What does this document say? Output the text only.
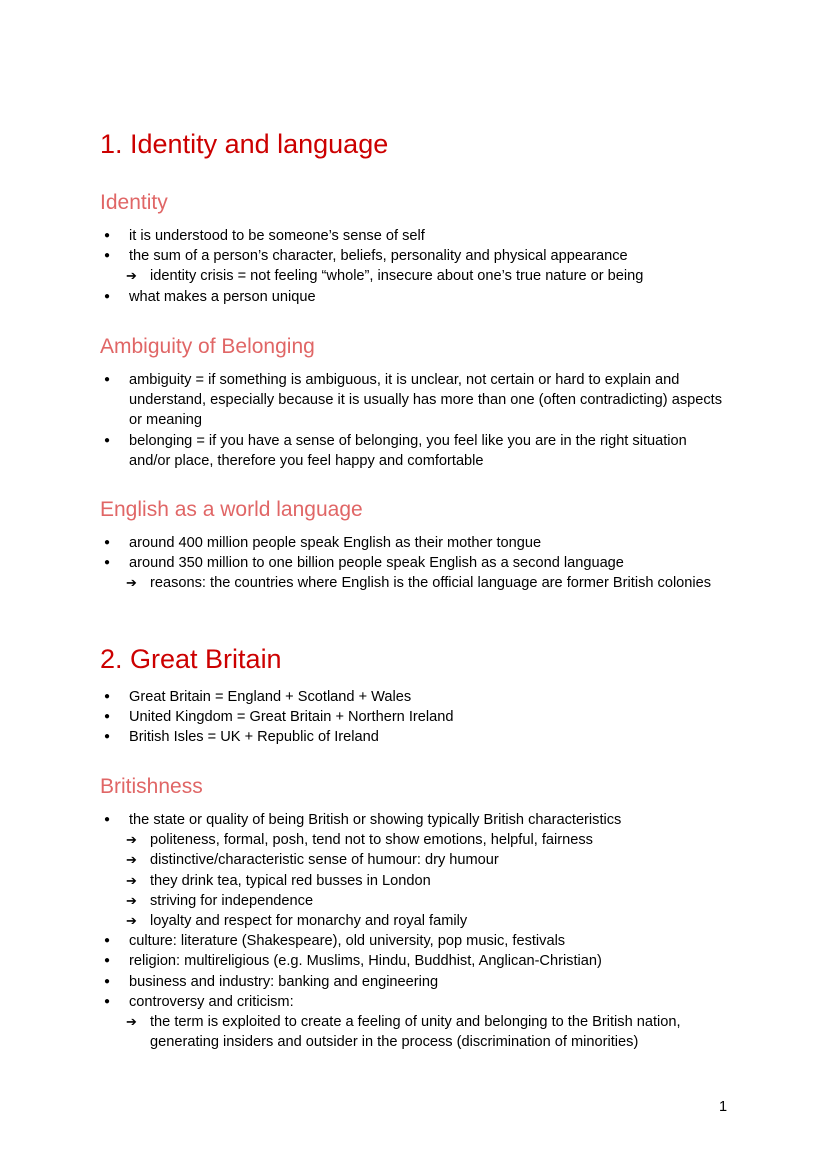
1. Identity and language
Identity
● it is understood to be someone’s sense of self
● the sum of a person’s character, beliefs, personality and physical appearance
➔ identity crisis = not feeling “whole”, insecure about one’s true nature or being
● what makes a person unique
Ambiguity of Belonging
● ambiguity = if something is ambiguous, it is unclear, not certain or hard to explain and understand, especially because it is usually has more than one (often contradicting) aspects or meaning
● belonging = if you have a sense of belonging, you feel like you are in the right situation and/or place, therefore you feel happy and comfortable
English as a world language
● around 400 million people speak English as their mother tongue
● around 350 million to one billion people speak English as a second language
➔ reasons: the countries where English is the official language are former British colonies
2. Great Britain
● Great Britain = England + Scotland + Wales
● United Kingdom = Great Britain + Northern Ireland
● British Isles = UK + Republic of Ireland
Britishness
● the state or quality of being British or showing typically British characteristics
➔ politeness, formal, posh, tend not to show emotions, helpful, fairness
➔ distinctive/characteristic sense of humour: dry humour
➔ they drink tea, typical red busses in London
➔ striving for independence
➔ loyalty and respect for monarchy and royal family
● culture: literature (Shakespeare), old university, pop music, festivals
● religion: multireligious (e.g. Muslims, Hindu, Buddhist, Anglican-Christian)
● business and industry: banking and engineering
● controversy and criticism:
➔ the term is exploited to create a feeling of unity and belonging to the British nation, generating insiders and outsider in the process (discrimination of minorities)
1
